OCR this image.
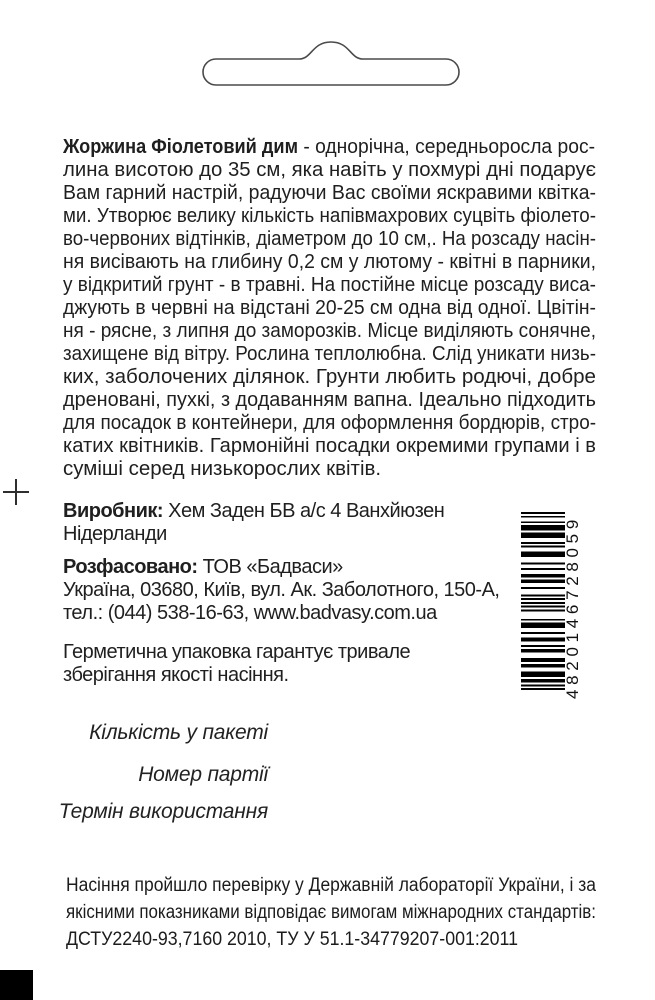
Жоржина Фіолетовий дим - однорічна, середньоросла рос-
лина висотою до 35 см, яка навіть у похмурі дні подарує
Вам гарний настрій, радуючи Вас своїми яскравими квітка-
ми. Утворює велику кількість напівмахрових суцвіть фіолето-
во-червоних відтінків, діаметром до 10 см,. На розсаду насін-
ня висівають на глибину 0,2 см у лютому - квітні в парники,
у відкритий грунт - в травні. На постійне місце розсаду виса-
джують в червні на відстані 20-25 см одна від одної. Цвітін-
ня - рясне, з липня до заморозків. Місце виділяють сонячне,
захищене від вітру. Рослина теплолюбна. Слід уникати низь-
ких, заболочених ділянок. Грунти любить родючі, добре
дреновані, пухкі, з додаванням вапна. Ідеально підходить
для посадок в контейнери, для оформлення бордюрів, стро-
катих квітників. Гармонійні посадки окремими групами і в
суміші серед низькорослих квітів.
Виробник: Хем Заден БВ а/с 4 Ванхйюзен
Нідерланди
Розфасовано: ТОВ «Бадваси»
Україна, 03680, Київ, вул. Ак. Заболотного, 150-А,
тел.: (044) 538-16-63, www.badvasy.com.ua
Герметична упаковка гарантує тривале
зберігання якості насіння.	4820146728059
Кількість у пакеті
Номер партії
Термін використання
Насіння пройшло перевірку у Державній лабораторії України, і за
якісними показниками відповідає вимогам міжнародних стандартів:
ДСТУ2240-93,7160 2010, ТУ У 51.1-34779207-001:2011
